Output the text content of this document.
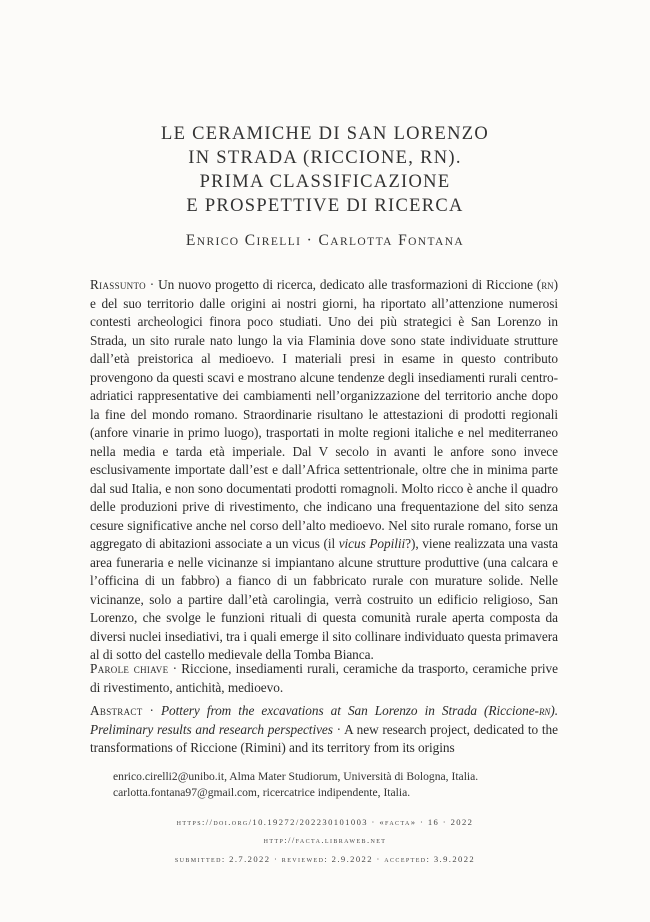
LE CERAMICHE DI SAN LORENZO
IN STRADA (RICCIONE, RN).
PRIMA CLASSIFICAZIONE
E PROSPETTIVE DI RICERCA
ENRICO CIRELLI · CARLOTTA FONTANA
Riassunto · Un nuovo progetto di ricerca, dedicato alle trasformazioni di Riccione (rn) e del suo territorio dalle origini ai nostri giorni, ha riportato all’attenzione numerosi contesti archeologici finora poco studiati. Uno dei più strategici è San Lorenzo in Strada, un sito rurale nato lungo la via Flaminia dove sono state individuate strutture dall’età preistorica al medioevo. I materiali presi in esame in questo contributo provengono da questi scavi e mostrano alcune tendenze degli insediamenti rurali centro-adriatici rappresentative dei cambiamenti nell’organizzazione del territorio anche dopo la fine del mondo romano. Straordinarie risultano le attestazioni di prodotti regionali (anfore vinarie in primo luogo), trasportati in molte regioni italiche e nel mediterraneo nella media e tarda età imperiale. Dal V secolo in avanti le anfore sono invece esclusivamente importate dall’est e dall’Africa settentrionale, oltre che in minima parte dal sud Italia, e non sono documentati prodotti romagnoli. Molto ricco è anche il quadro delle produzioni prive di rivestimento, che indicano una frequentazione del sito senza cesure significative anche nel corso dell’alto medioevo. Nel sito rurale romano, forse un aggregato di abitazioni associate a un vicus (il vicus Popilii?), viene realizzata una vasta area funeraria e nelle vicinanze si impiantano alcune strutture produttive (una calcara e l’officina di un fabbro) a fianco di un fabbricato rurale con murature solide. Nelle vicinanze, solo a partire dall’età carolingia, verrà costruito un edificio religioso, San Lorenzo, che svolge le funzioni rituali di questa comunità rurale aperta composta da diversi nuclei insediativi, tra i quali emerge il sito collinare individuato questa primavera al di sotto del castello medievale della Tomba Bianca.
Parole chiave · Riccione, insediamenti rurali, ceramiche da trasporto, ceramiche prive di rivestimento, antichità, medioevo.
Abstract · Pottery from the excavations at San Lorenzo in Strada (Riccione-rn). Preliminary results and research perspectives · A new research project, dedicated to the transformations of Riccione (Rimini) and its territory from its origins
enrico.cirelli2@unibo.it, Alma Mater Studiorum, Università di Bologna, Italia.
carlotta.fontana97@gmail.com, ricercatrice indipendente, Italia.
https://doi.org/10.19272/202230101003 · «facta» · 16 · 2022
http://facta.libraweb.net
submitted: 2.7.2022 · reviewed: 2.9.2022 · accepted: 3.9.2022
